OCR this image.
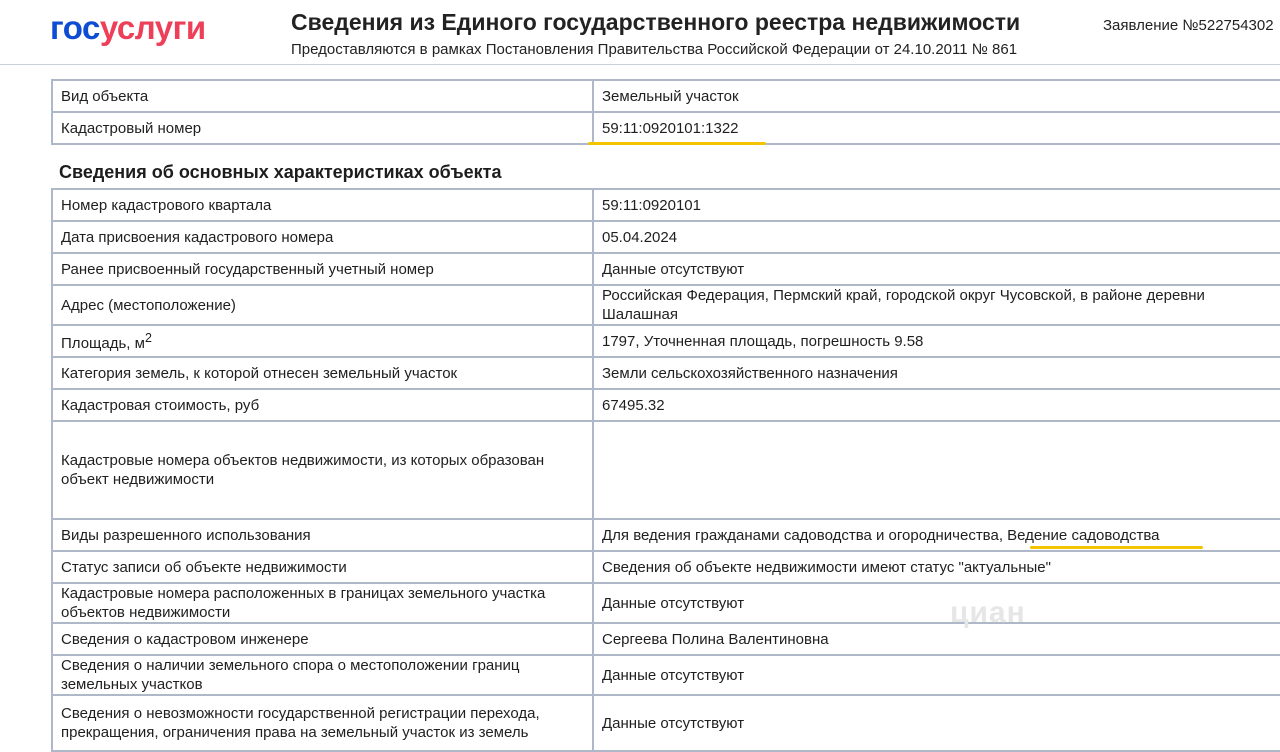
госуслуги	Сведения из Единого государственного реестра недвижимости
Предоставляются в рамках Постановления Правительства Российской Федерации от 24.10.2011 № 861
Заявление №522754302
Вид объекта	Земельный участок
Кадастровый номер	59:11:0920101:1322
Сведения об основных характеристиках объекта
Номер кадастрового квартала	59:11:0920101
Дата присвоения кадастрового номера	05.04.2024
Ранее присвоенный государственный учетный номер	Данные отсутствуют
Адрес (местоположение)	Российская Федерация, Пермский край, городской округ Чусовской, в районе деревни Шалашная
Площадь, $м^2$	1797, Уточненная площадь, погрешность 9.58
Категория земель, к которой отнесен земельный участок	Земли сельскохозяйственного назначения
Кадастровая стоимость, руб	67495.32
Кадастровые номера объектов недвижимости, из которых образован объект недвижимости	
Виды разрешенного использования	Для ведения гражданами садоводства и огородничества, Ведение садоводства
Статус записи об объекте недвижимости	Сведения об объекте недвижимости имеют статус "актуальные"
Кадастровые номера расположенных в границах земельного участка объектов недвижимости	Данные отсутствуют
Сведения о кадастровом инженере	Сергеева Полина Валентиновна
Сведения о наличии земельного спора о местоположении границ земельных участков	Данные отсутствуют
Сведения о невозможности государственной регистрации перехода, прекращения, ограничения права на земельный участок из земель	Данные отсутствуют
циан
